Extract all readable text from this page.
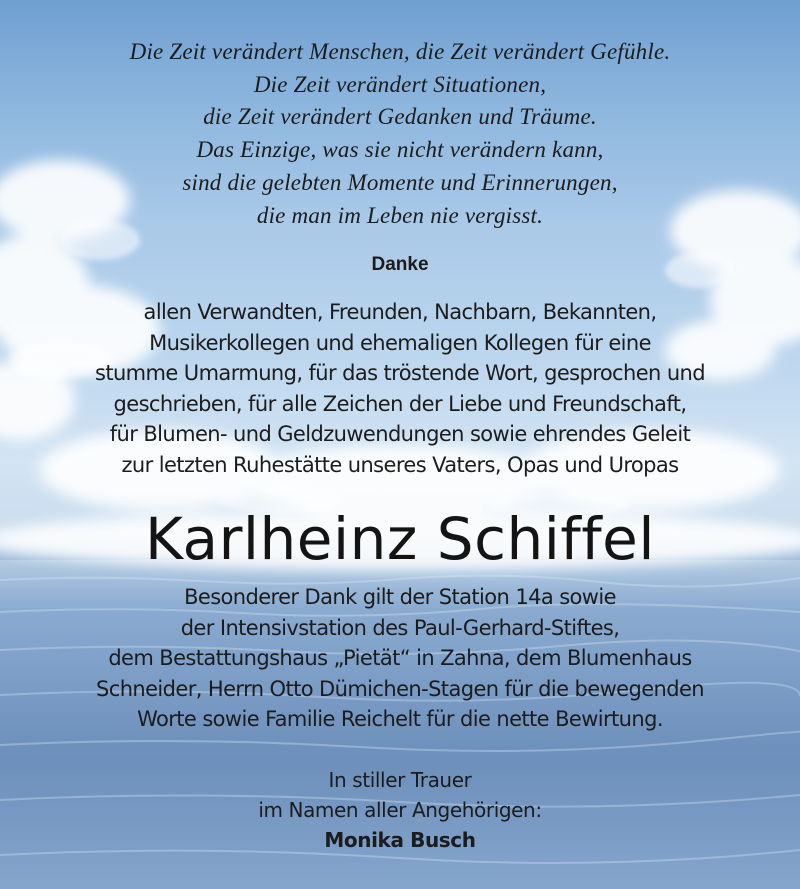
Die Zeit verändert Menschen, die Zeit verändert Gefühle.
Die Zeit verändert Situationen,
die Zeit verändert Gedanken und Träume.
Das Einzige, was sie nicht verändern kann,
sind die gelebten Momente und Erinnerungen,
die man im Leben nie vergisst.
Danke
allen Verwandten, Freunden, Nachbarn, Bekannten,
Musikerkollegen und ehemaligen Kollegen für eine
stumme Umarmung, für das tröstende Wort, gesprochen und
geschrieben, für alle Zeichen der Liebe und Freundschaft,
für Blumen- und Geldzuwendungen sowie ehrendes Geleit
zur letzten Ruhestätte unseres Vaters, Opas und Uropas
Karlheinz Schiffel
Besonderer Dank gilt der Station 14a sowie
der Intensivstation des Paul-Gerhard-Stiftes,
dem Bestattungshaus „Pietät“ in Zahna, dem Blumenhaus
Schneider, Herrn Otto Dümichen-Stagen für die bewegenden
Worte sowie Familie Reichelt für die nette Bewirtung.
In stiller Trauer
im Namen aller Angehörigen:
Monika Busch
